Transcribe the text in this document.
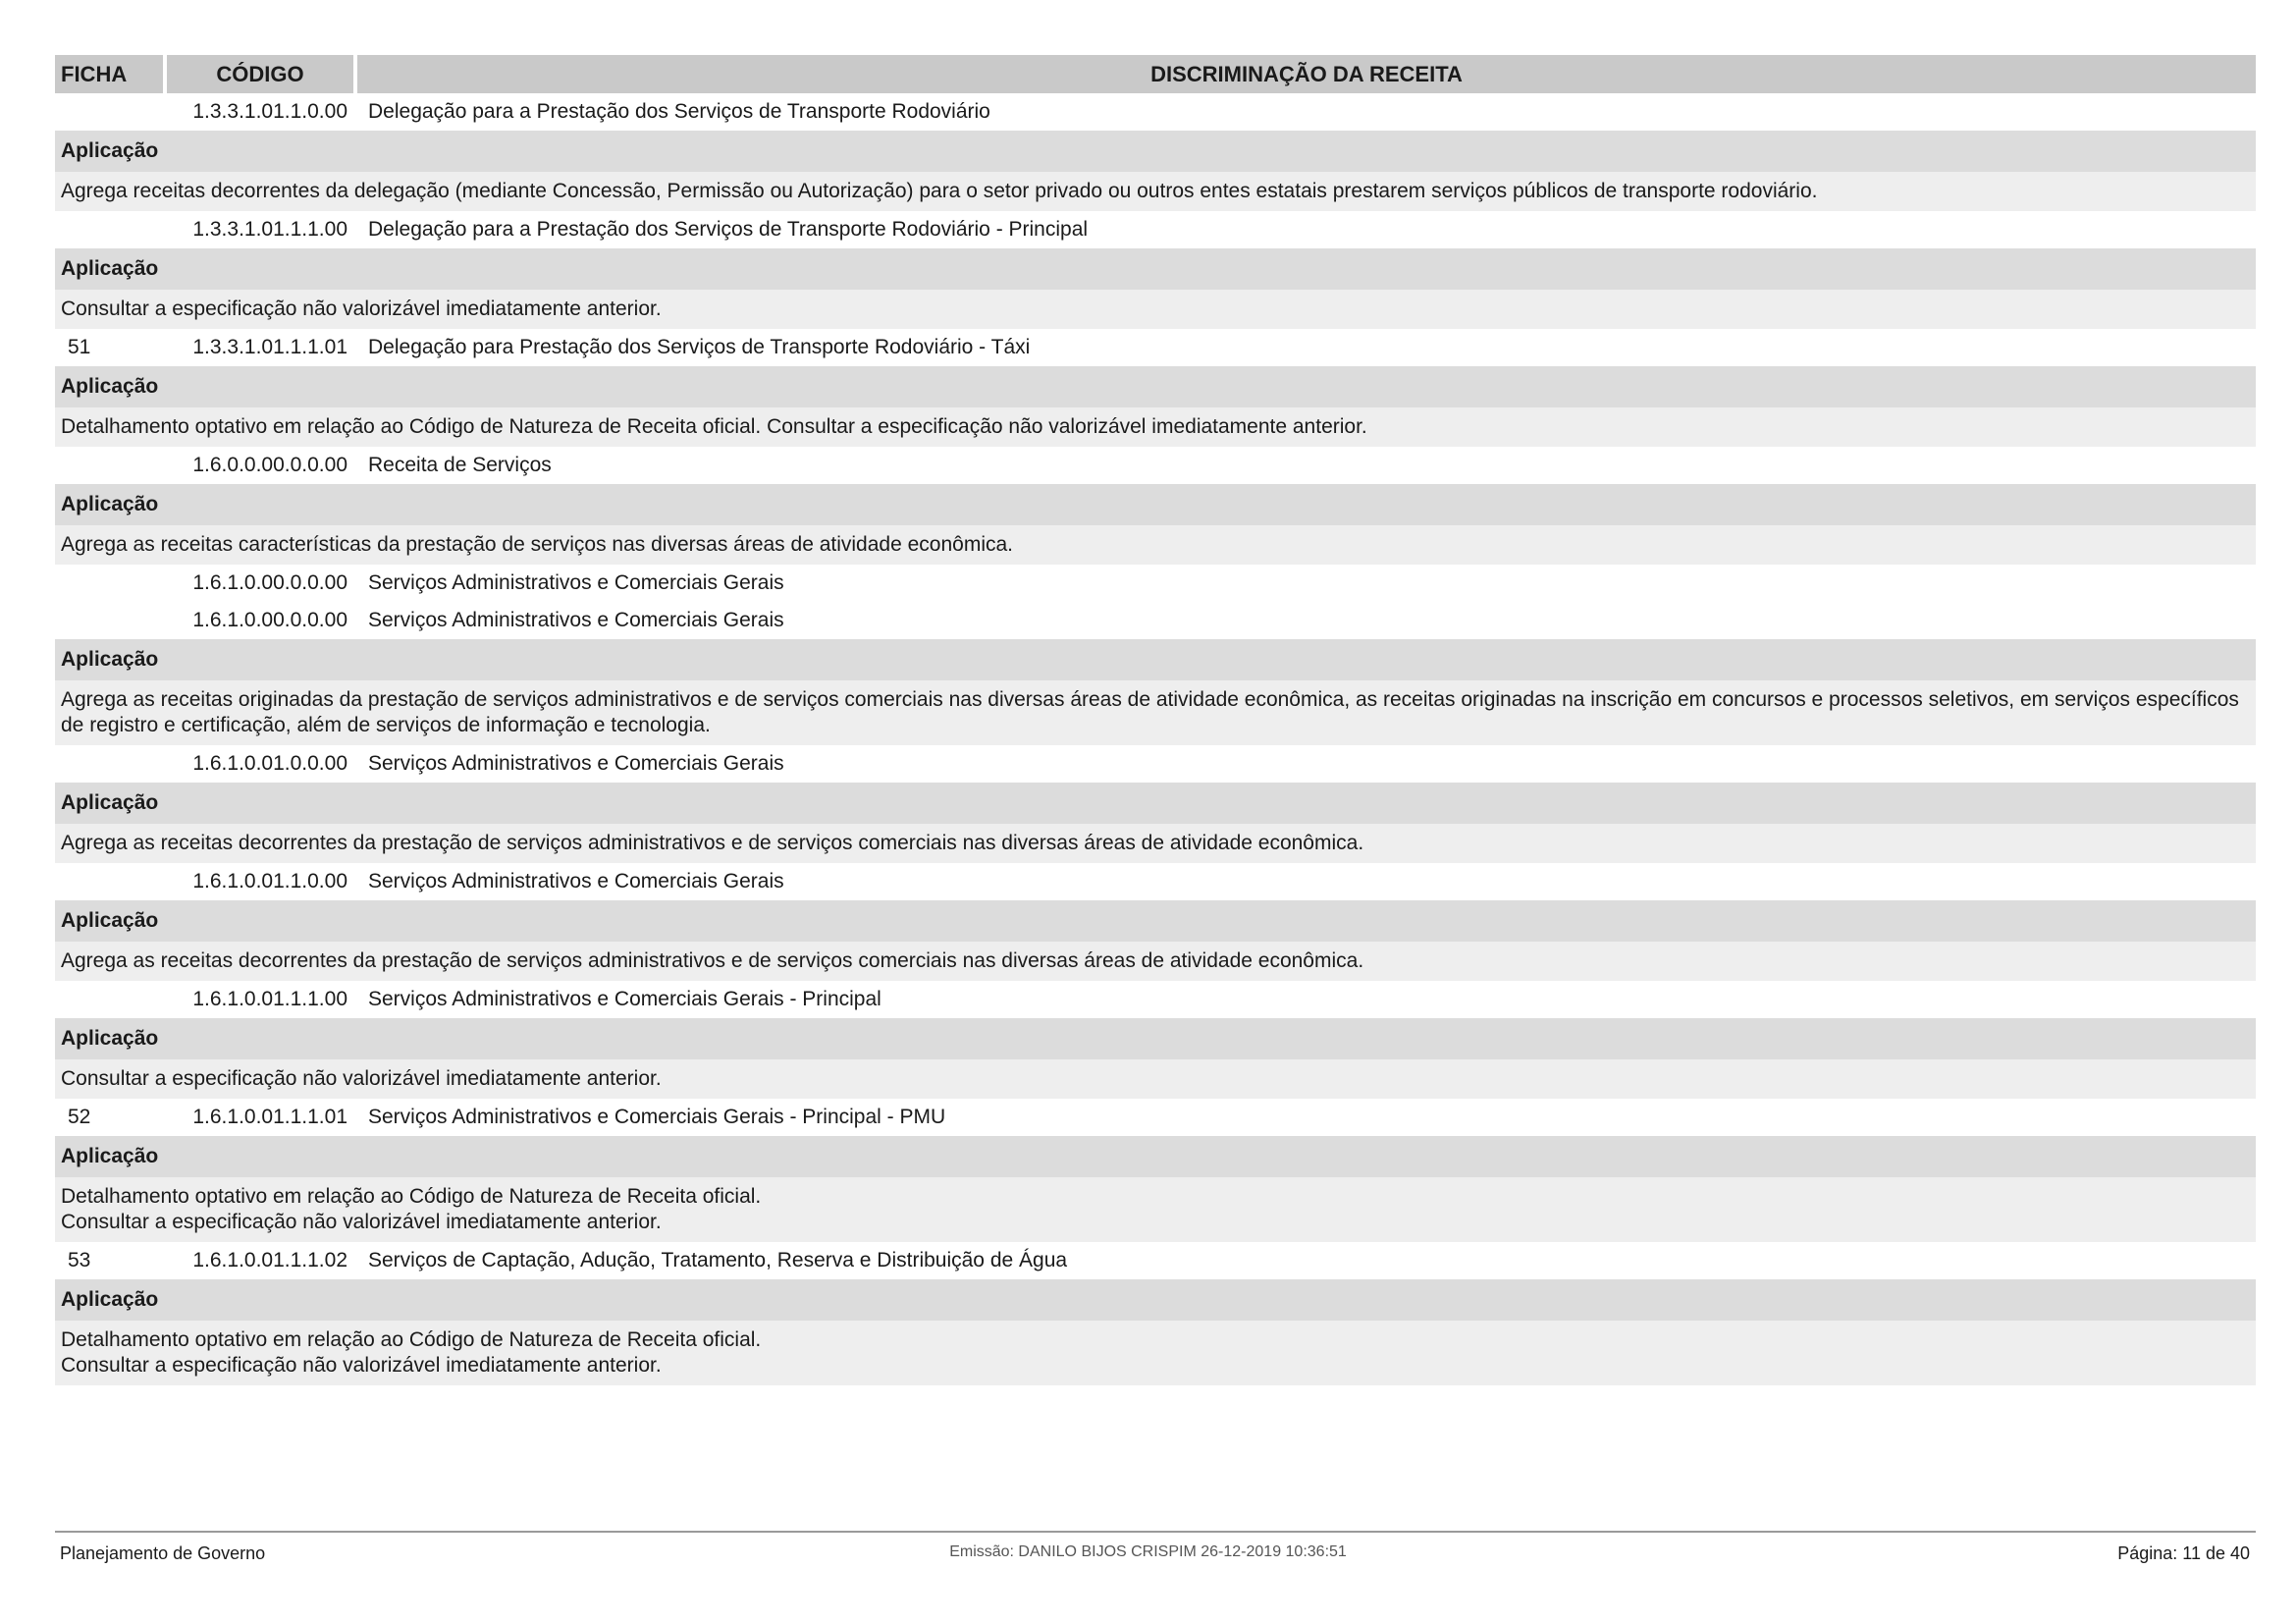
FICHA	CÓDIGO	DISCRIMINAÇÃO DA RECEITA
1.3.3.1.01.1.0.00	Delegação para a Prestação dos Serviços de Transporte Rodoviário
Aplicação
Agrega receitas decorrentes da delegação (mediante Concessão, Permissão ou Autorização) para o setor privado ou outros entes estatais prestarem serviços públicos de transporte rodoviário.
1.3.3.1.01.1.1.00	Delegação para a Prestação dos Serviços de Transporte Rodoviário - Principal
Aplicação
Consultar a especificação não valorizável imediatamente anterior.
51	1.3.3.1.01.1.1.01	Delegação para Prestação dos Serviços de Transporte Rodoviário - Táxi
Aplicação
Detalhamento optativo em relação ao Código de Natureza de Receita oficial. Consultar a especificação não valorizável imediatamente anterior.
1.6.0.0.00.0.0.00	Receita de Serviços
Aplicação
Agrega as receitas características da prestação de serviços nas diversas áreas de atividade econômica.
1.6.1.0.00.0.0.00	Serviços Administrativos e Comerciais Gerais
1.6.1.0.00.0.0.00	Serviços Administrativos e Comerciais Gerais
Aplicação
Agrega as receitas originadas da prestação de serviços administrativos e de serviços comerciais nas diversas áreas de atividade econômica, as receitas originadas na inscrição em concursos e processos seletivos, em serviços específicos de registro e certificação, além de serviços de informação e tecnologia.
1.6.1.0.01.0.0.00	Serviços Administrativos e Comerciais Gerais
Aplicação
Agrega as receitas decorrentes da prestação de serviços administrativos e de serviços comerciais nas diversas áreas de atividade econômica.
1.6.1.0.01.1.0.00	Serviços Administrativos e Comerciais Gerais
Aplicação
Agrega as receitas decorrentes da prestação de serviços administrativos e de serviços comerciais nas diversas áreas de atividade econômica.
1.6.1.0.01.1.1.00	Serviços Administrativos e Comerciais Gerais - Principal
Aplicação
Consultar a especificação não valorizável imediatamente anterior.
52	1.6.1.0.01.1.1.01	Serviços Administrativos e Comerciais Gerais - Principal - PMU
Aplicação
Detalhamento optativo em relação ao Código de Natureza de Receita oficial.
Consultar a especificação não valorizável imediatamente anterior.
53	1.6.1.0.01.1.1.02	Serviços de Captação, Adução, Tratamento, Reserva e Distribuição de Água
Aplicação
Detalhamento optativo em relação ao Código de Natureza de Receita oficial.
Consultar a especificação não valorizável imediatamente anterior.
Planejamento de Governo	Emissão: DANILO BIJOS CRISPIM 26-12-2019 10:36:51	Página: 11 de 40
